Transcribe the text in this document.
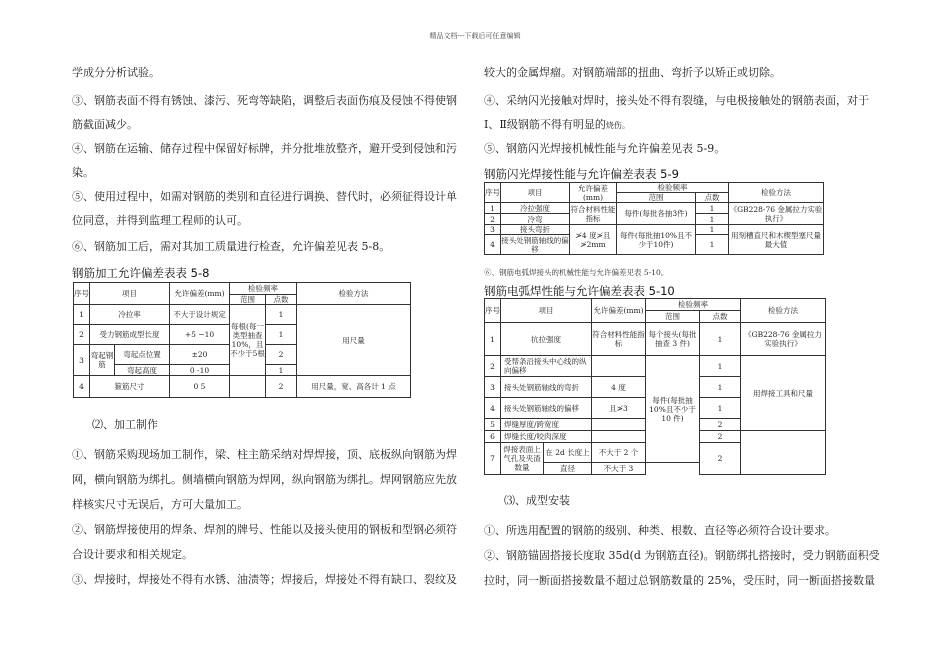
精品文档---下载后可任意编辑
学成分分析试验。
③、钢筋表面不得有锈蚀、漆污、死弯等缺陷，调整后表面伤痕及侵蚀不得使钢
筋截面减少。
④、钢筋在运输、储存过程中保留好标牌，并分批堆放整齐，避开受到侵蚀和污
染。
⑤、使用过程中，如需对钢筋的类别和直径进行调换、替代时，必须征得设计单
位同意，并得到监理工程师的认可。
⑥、钢筋加工后，需对其加工质量进行检查，允许偏差见表 5-8。
钢筋加工允许偏差表表 5-8
序号	项目		允许偏差(mm)	检验频率		检验方法
				范围	点数	
1	冷拉率		不大于设计规定	每根(每一类型抽查10%，且不少于5根	1	用尺量
2	受力钢筋成型长度		+5 −10		1	
3	弯起钢筋	弯起点位置	±20		2	
		弯起高度	0 -10		1	
4	箍筋尺寸		0 5		2	用尺量，宽、高各计 1 点
⑵、加工制作
①、钢筋采购现场加工制作，梁、柱主筋采纳对焊焊接，顶、底板纵向钢筋为焊
网，横向钢筋为绑扎。侧墙横向钢筋为焊网，纵向钢筋为绑扎。焊网钢筋应先放
样核实尺寸无误后，方可大量加工。
②、钢筋焊接使用的焊条、焊剂的牌号、性能以及接头使用的钢板和型钢必须符
合设计要求和相关规定。
③、焊接时，焊接处不得有水锈、油渍等；焊接后，焊接处不得有缺口、裂纹及
较大的金属焊瘤。对钢筋端部的扭曲、弯折予以矫正或切除。
④、采纳闪光接触对焊时，接头处不得有裂缝，与电极接触处的钢筋表面，对于
Ⅰ、Ⅱ级钢筋不得有明显的烧伤。
⑤、钢筋闪光焊接机械性能与允许偏差见表 5-9。
钢筋闪光焊接性能与允许偏差表表 5-9
序号	项目	允许偏差(mm)	检验频率		检验方法
			范围	点数	
1	冷拉强度	符合材料性能指标	每件(每批各抽3件)	1	《GB228-76 金属拉力实验执行》
2	冷弯			1	
3	接头弯折	≯4 度≯且≯2mm	每件(每批抽10%且不少于10件)	1	用刻槽直尺和木楔型塞尺量最大值
4	接头处钢筋轴线的偏移			1	
⑥、钢筋电弧焊接头的机械性能与允许偏差见表 5-10。
钢筋电弧焊性能与允许偏差表表 5-10
序号	项目		允许偏差(mm)	检验频率		检验方法
				范围	点数	
1	抗拉强度		符合材料性能指标	每个接头(每批抽查 3 件)	1	《GB228-76 金属拉力实验执行》
2	受帮条沿接头中心线的纵向偏移			每件(每批抽10%且不少于 10 件)	1	用焊接工具和尺量
3	接头处钢筋轴线的弯折		4 度		1	
4	接头处钢筋轴线的偏移		且≯3		1	
5	焊缝厚度/跨宽度				2	
6	焊缝长度/咬肉深度				2	
7	焊接表面上气孔及夹渣数量	在 2d 长度上	不大于 2 个		2	
		直径	不大于 3			
⑶、成型安装
①、所选用配置的钢筋的级别、种类、根数、直径等必须符合设计要求。
②、钢筋锚固搭接长度取 35d(d 为钢筋直径)。钢筋绑扎搭接时，受力钢筋面积受
拉时，同一断面搭接数量不超过总钢筋数量的 25%，受压时，同一断面搭接数量
